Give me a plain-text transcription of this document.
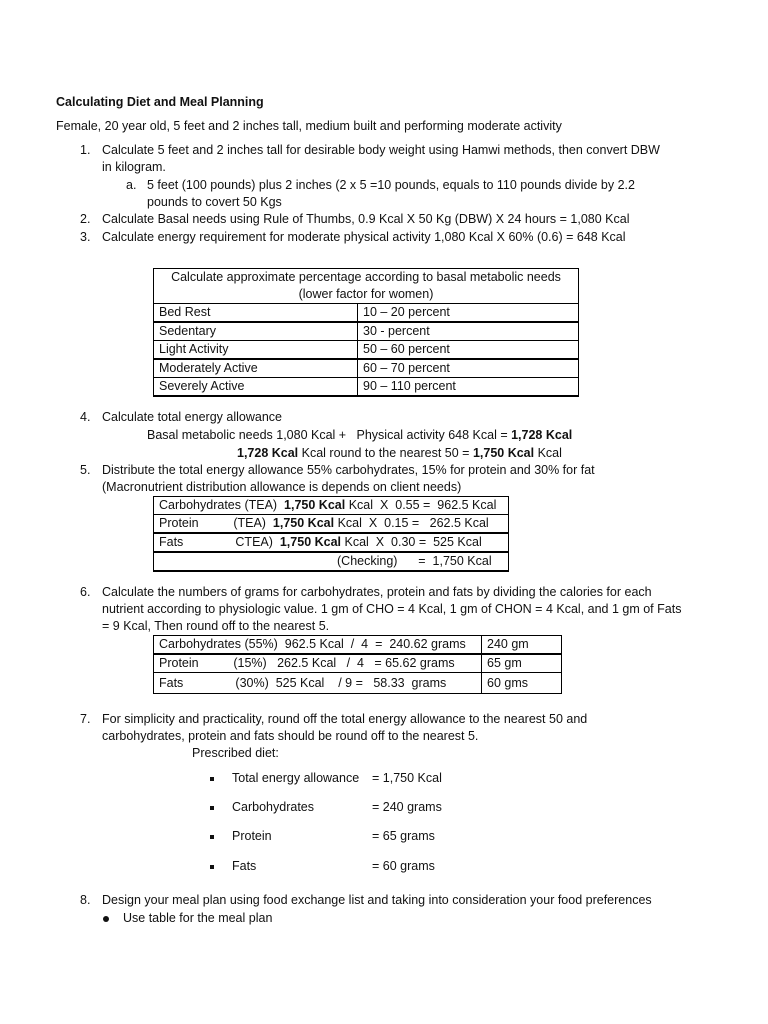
Calculating Diet and Meal Planning
Female, 20 year old, 5 feet and 2 inches tall, medium built and performing moderate activity
1. Calculate 5 feet and 2 inches tall for desirable body weight using Hamwi methods, then convert DBW
in kilogram.
a. 5 feet (100 pounds) plus 2 inches (2 x 5 =10 pounds, equals to 110 pounds divide by 2.2
pounds to covert 50 Kgs
2. Calculate Basal needs using Rule of Thumbs, 0.9 Kcal X 50 Kg (DBW) X 24 hours = 1,080 Kcal
3. Calculate energy requirement for moderate physical activity 1,080 Kcal X 60% (0.6) = 648 Kcal
Calculate approximate percentage according to basal metabolic needs
(lower factor for women)	
Bed Rest	10 – 20 percent
Sedentary	30 - percent
Light Activity	50 – 60 percent
Moderately Active	60 – 70 percent
Severely Active	90 – 110 percent
4. Calculate total energy allowance
Basal metabolic needs 1,080 Kcal +   Physical activity 648 Kcal = 1,728 Kcal
1,728 Kcal Kcal round to the nearest 50 = 1,750 Kcal Kcal
5. Distribute the total energy allowance 55% carbohydrates, 15% for protein and 30% for fat
(Macronutrient distribution allowance is depends on client needs)
Carbohydrates (TEA)  1,750 Kcal Kcal  X  0.55 =  962.5 Kcal
Protein          (TEA)  1,750 Kcal Kcal  X  0.15 =   262.5 Kcal
Fats               CTEA)  1,750 Kcal Kcal  X  0.30 =  525 Kcal
(Checking)      =  1,750 Kcal
6. Calculate the numbers of grams for carbohydrates, protein and fats by dividing the calories for each
nutrient according to physiologic value. 1 gm of CHO = 4 Kcal, 1 gm of CHON = 4 Kcal, and 1 gm of Fats
= 9 Kcal, Then round off to the nearest 5.
Carbohydrates (55%)  962.5 Kcal  /  4  =  240.62 grams	240 gm
Protein          (15%)   262.5 Kcal   /  4   = 65.62 grams	65 gm
Fats               (30%)  525 Kcal    / 9 =   58.33  grams	60 gms
7. For simplicity and practicality, round off the total energy allowance to the nearest 50 and
carbohydrates, protein and fats should be round off to the nearest 5.
Prescribed diet:
Total energy allowance = 1,750 Kcal
Carbohydrates	= 240 grams
Protein	= 65 grams
Fats	= 60 grams
8. Design your meal plan using food exchange list and taking into consideration your food preferences
Use table for the meal plan
